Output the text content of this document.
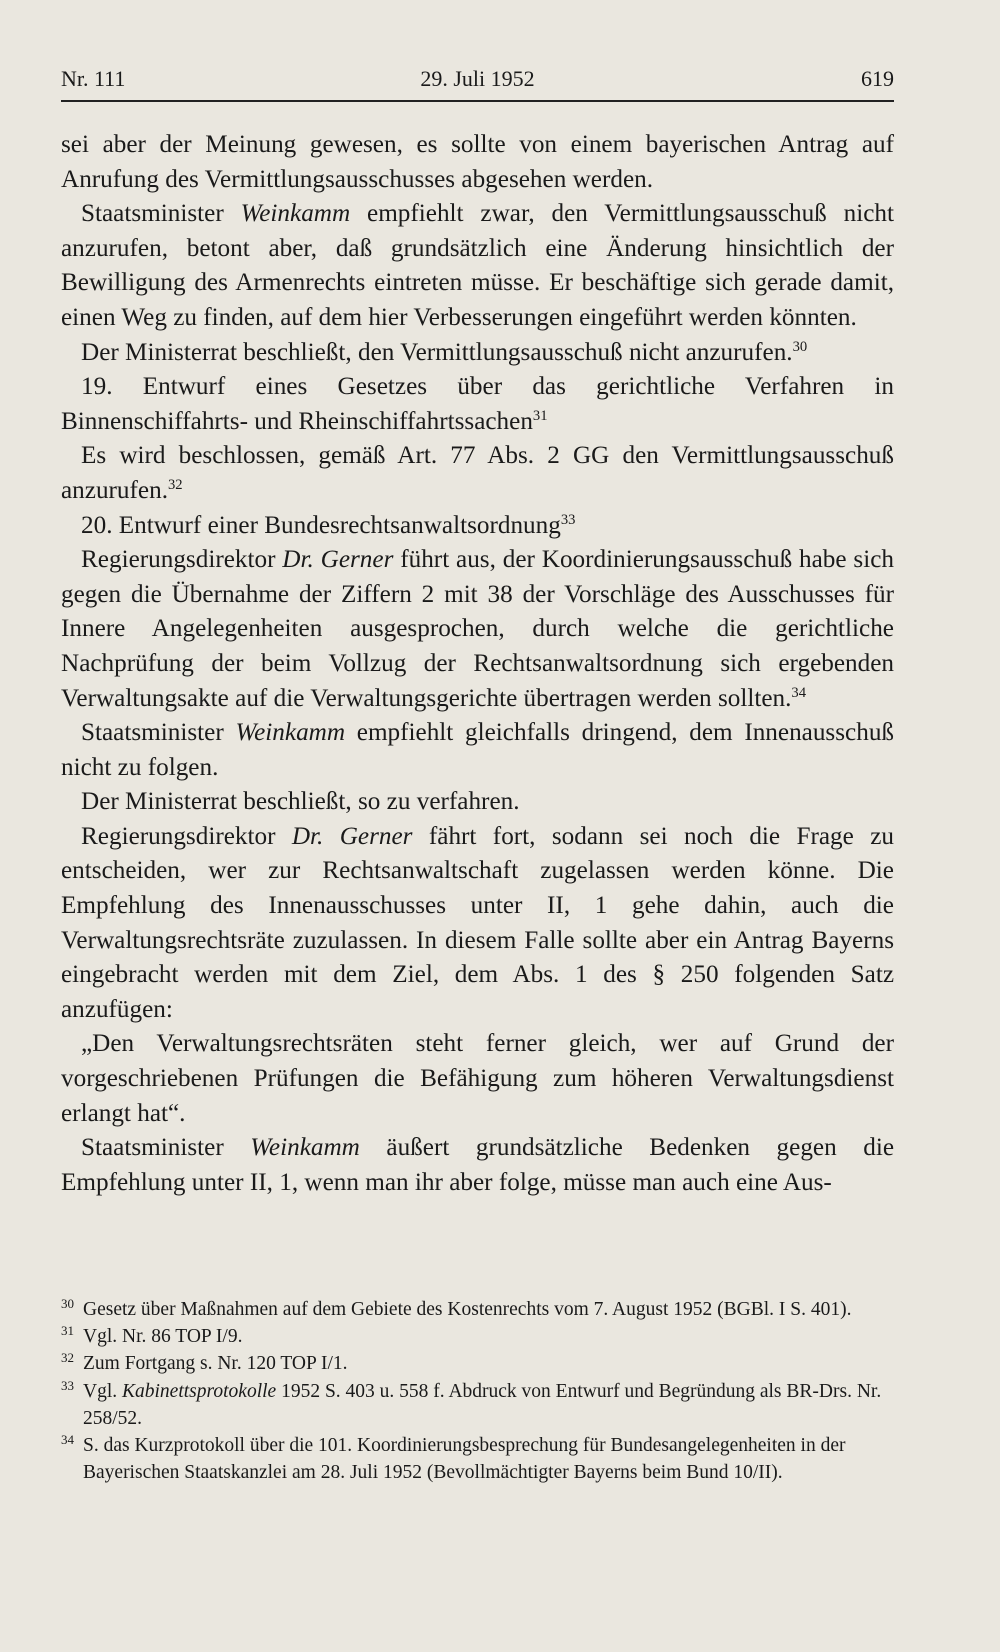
Nr. 111	29. Juli 1952	619

sei aber der Meinung gewesen, es sollte von einem bayerischen Antrag auf Anrufung des Vermittlungsausschusses abgesehen werden.

Staatsminister Weinkamm empfiehlt zwar, den Vermittlungsausschuß nicht anzurufen, betont aber, daß grundsätzlich eine Änderung hinsichtlich der Bewilligung des Armenrechts eintreten müsse. Er beschäftige sich gerade damit, einen Weg zu finden, auf dem hier Verbesserungen eingeführt werden könnten.

Der Ministerrat beschließt, den Vermittlungsausschuß nicht anzurufen.$^{30}$

19. Entwurf eines Gesetzes über das gerichtliche Verfahren in Binnenschiffahrts- und Rheinschiffahrtssachen$^{31}$

Es wird beschlossen, gemäß Art. 77 Abs. 2 GG den Vermittlungsausschuß anzurufen.$^{32}$

20. Entwurf einer Bundesrechtsanwaltsordnung$^{33}$

Regierungsdirektor Dr. Gerner führt aus, der Koordinierungsausschuß habe sich gegen die Übernahme der Ziffern 2 mit 38 der Vorschläge des Ausschusses für Innere Angelegenheiten ausgesprochen, durch welche die gerichtliche Nachprüfung der beim Vollzug der Rechtsanwaltsordnung sich ergebenden Verwaltungsakte auf die Verwaltungsgerichte übertragen werden sollten.$^{34}$

Staatsminister Weinkamm empfiehlt gleichfalls dringend, dem Innenausschuß nicht zu folgen.

Der Ministerrat beschließt, so zu verfahren.

Regierungsdirektor Dr. Gerner fährt fort, sodann sei noch die Frage zu entscheiden, wer zur Rechtsanwaltschaft zugelassen werden könne. Die Empfehlung des Innenausschusses unter II, 1 gehe dahin, auch die Verwaltungsrechtsräte zuzulassen. In diesem Falle sollte aber ein Antrag Bayerns eingebracht werden mit dem Ziel, dem Abs. 1 des § 250 folgenden Satz anzufügen:

„Den Verwaltungsrechtsräten steht ferner gleich, wer auf Grund der vorgeschriebenen Prüfungen die Befähigung zum höheren Verwaltungsdienst erlangt hat“.

Staatsminister Weinkamm äußert grundsätzliche Bedenken gegen die Empfehlung unter II, 1, wenn man ihr aber folge, müsse man auch eine Aus-

30 Gesetz über Maßnahmen auf dem Gebiete des Kostenrechts vom 7. August 1952 (BGBl. I S. 401).
31 Vgl. Nr. 86 TOP I/9.
32 Zum Fortgang s. Nr. 120 TOP I/1.
33 Vgl. Kabinettsprotokolle 1952 S. 403 u. 558 f. Abdruck von Entwurf und Begründung als BR-Drs. Nr. 258/52.
34 S. das Kurzprotokoll über die 101. Koordinierungsbesprechung für Bundesangelegenheiten in der Bayerischen Staatskanzlei am 28. Juli 1952 (Bevollmächtigter Bayerns beim Bund 10/II).
